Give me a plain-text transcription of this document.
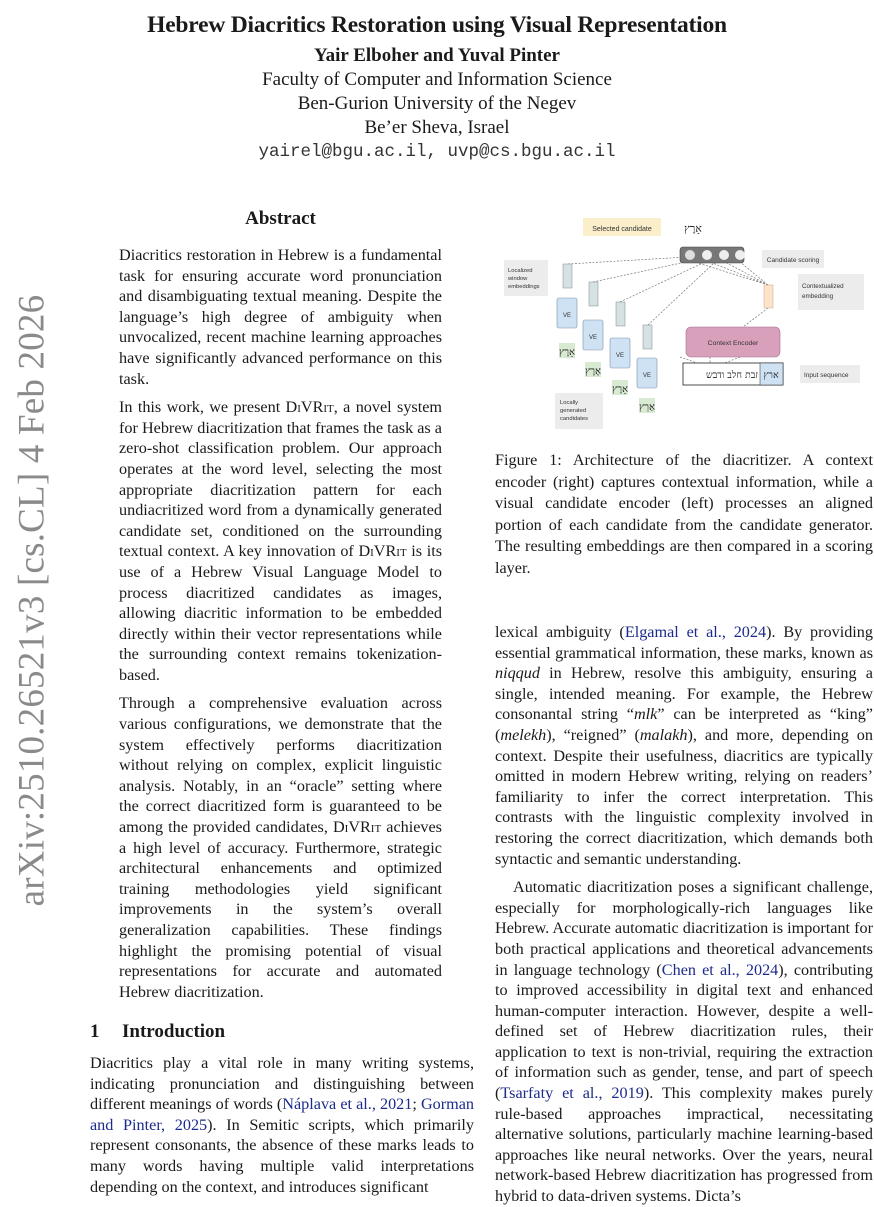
arXiv:2510.26521v3 [cs.CL] 4 Feb 2026
Hebrew Diacritics Restoration using Visual Representation
Yair Elboher and Yuval Pinter
Faculty of Computer and Information Science
Ben-Gurion University of the Negev
Be’er Sheva, Israel
yairel@bgu.ac.il, uvp@cs.bgu.ac.il
Abstract

Diacritics restoration in Hebrew is a fundamental task for ensuring accurate word pronunciation and disambiguating textual meaning. Despite the language’s high degree of ambiguity when unvocalized, recent machine learning approaches have significantly advanced performance on this task.

In this work, we present DiVRit, a novel system for Hebrew diacritization that frames the task as a zero-shot classification problem. Our approach operates at the word level, selecting the most appropriate diacritization pattern for each undiacritized word from a dynamically generated candidate set, conditioned on the surrounding textual context. A key innovation of DiVRit is its use of a Hebrew Visual Language Model to process diacritized candidates as images, allowing diacritic information to be embedded directly within their vector representations while the surrounding context remains tokenization-based.

Through a comprehensive evaluation across various configurations, we demonstrate that the system effectively performs diacritization without relying on complex, explicit linguistic analysis. Notably, in an “oracle” setting where the correct diacritized form is guaranteed to be among the provided candidates, DiVRit achieves a high level of accuracy. Furthermore, strategic architectural enhancements and optimized training methodologies yield significant improvements in the system’s overall generalization capabilities. These findings highlight the promising potential of visual representations for accurate and automated Hebrew diacritization.

1 Introduction

Diacritics play a vital role in many writing systems, indicating pronunciation and distinguishing between different meanings of words (Náplava et al., 2021; Gorman and Pinter, 2025). In Semitic scripts, which primarily represent consonants, the absence of these marks leads to many words having multiple valid interpretations depending on the context, and introduces significant

Selected candidate	אָרֶץ
Candidate scoring
Localized
window
embeddings	Contextualized
embedding
Context Encoder
זבת חלב ודבש ארץ	Input sequence
VE
אָרֶץ
VE
אֶרֶץ
VE
אָרֶץ
VE
אַרְץ
Locally
generated
candidates
Figure 1: Architecture of the diacritizer. A context encoder (right) captures contextual information, while a visual candidate encoder (left) processes an aligned portion of each candidate from the candidate generator. The resulting embeddings are then compared in a scoring layer.

lexical ambiguity (Elgamal et al., 2024). By providing essential grammatical information, these marks, known as niqqud in Hebrew, resolve this ambiguity, ensuring a single, intended meaning. For example, the Hebrew consonantal string “mlk” can be interpreted as “king” (melekh), “reigned” (malakh), and more, depending on context. Despite their usefulness, diacritics are typically omitted in modern Hebrew writing, relying on readers’ familiarity to infer the correct interpretation. This contrasts with the linguistic complexity involved in restoring the correct diacritization, which demands both syntactic and semantic understanding.

Automatic diacritization poses a significant challenge, especially for morphologically-rich languages like Hebrew. Accurate automatic diacritization is important for both practical applications and theoretical advancements in language technology (Chen et al., 2024), contributing to improved accessibility in digital text and enhanced human-computer interaction. However, despite a well-defined set of Hebrew diacritization rules, their application to text is non-trivial, requiring the extraction of information such as gender, tense, and part of speech (Tsarfaty et al., 2019). This complexity makes purely rule-based approaches impractical, necessitating alternative solutions, particularly machine learning-based approaches like neural networks. Over the years, neural network-based Hebrew diacritization has progressed from hybrid to data-driven systems. Dicta’s
